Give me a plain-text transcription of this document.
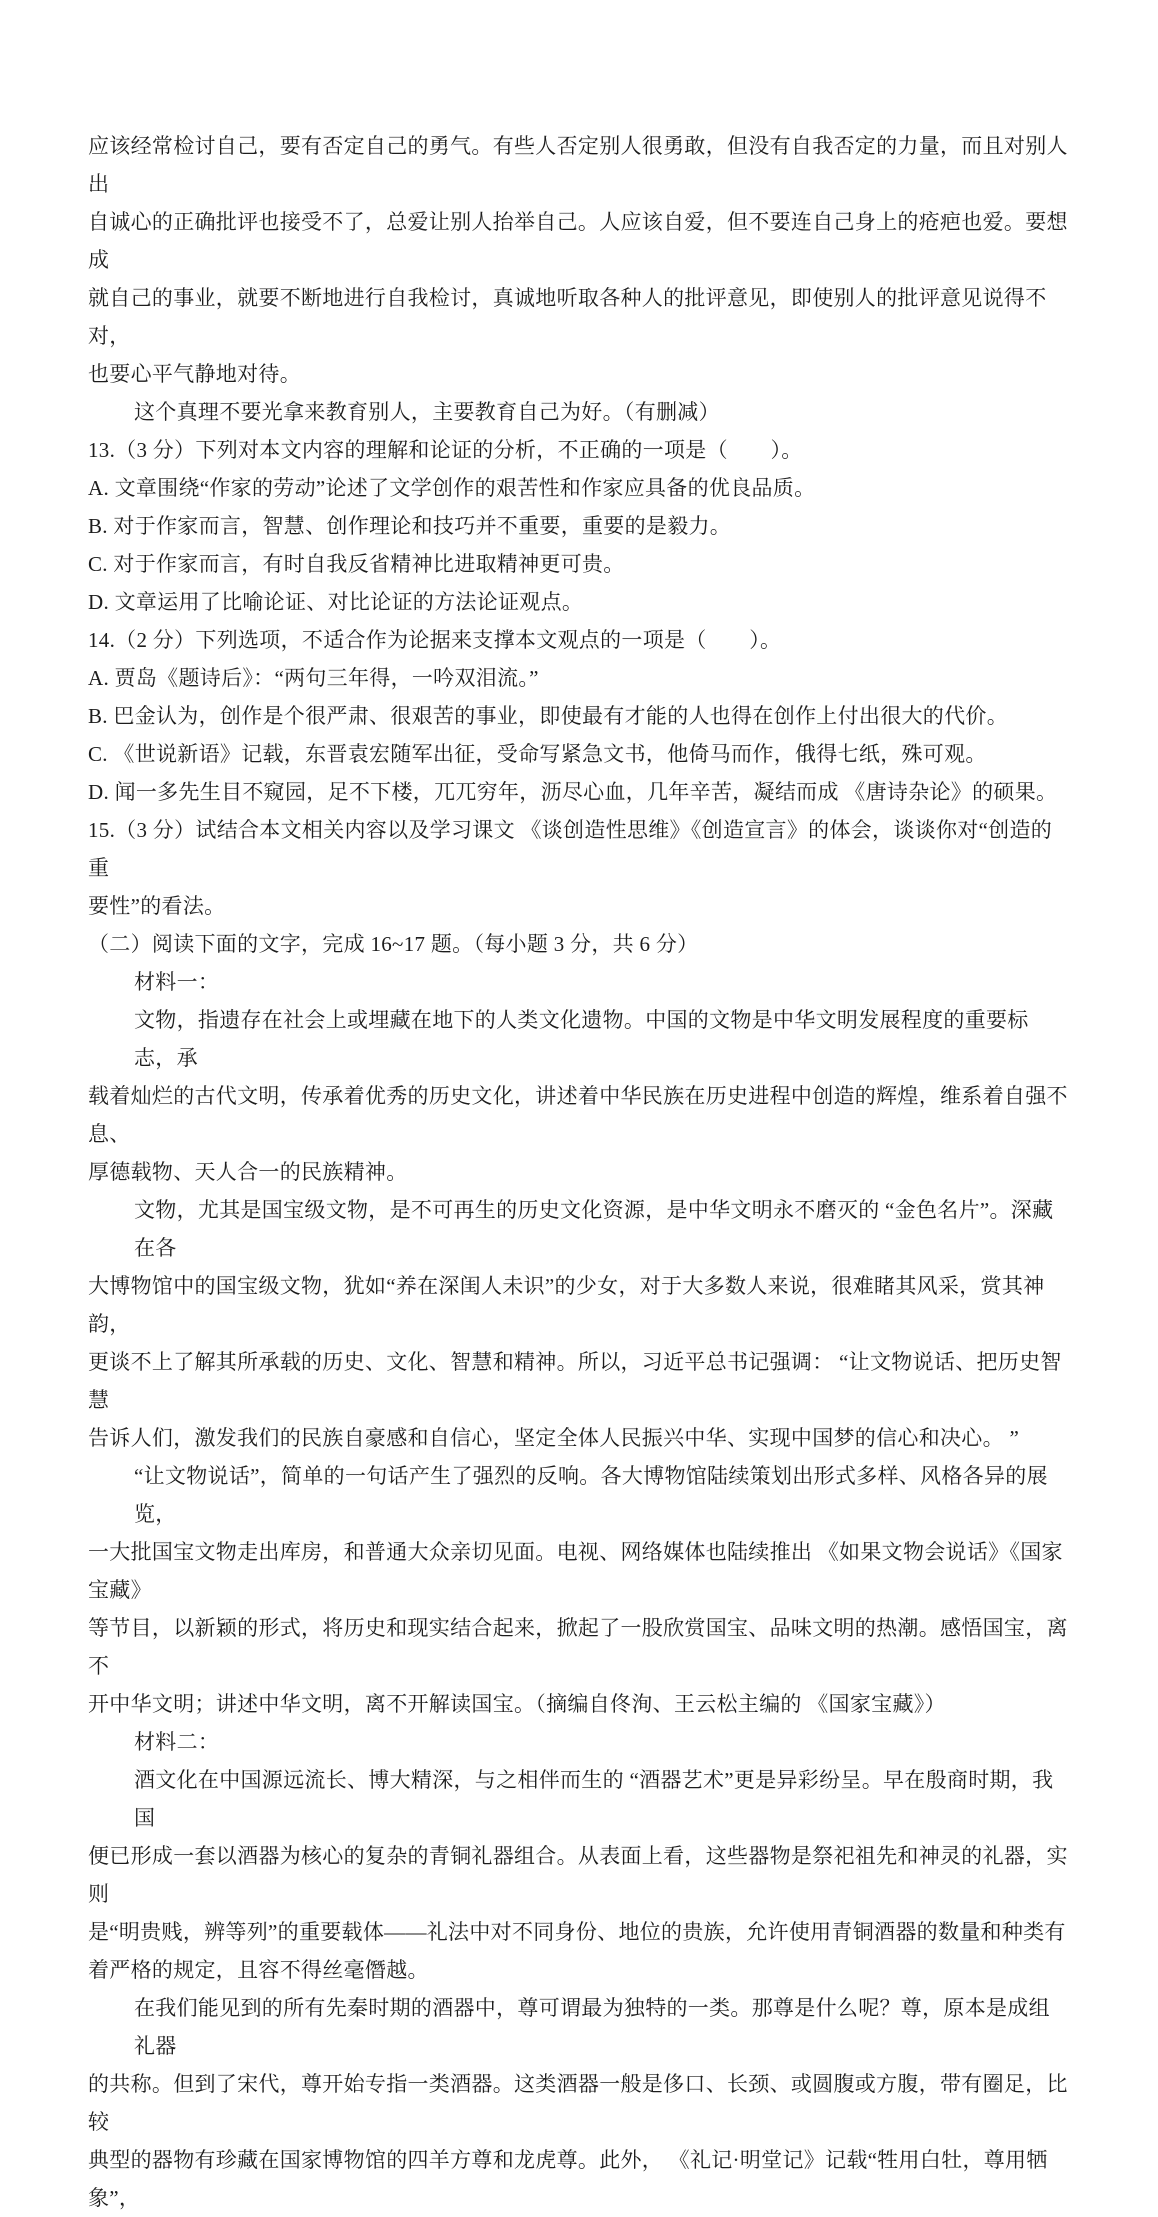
应该经常检讨自己，要有否定自己的勇气。有些人否定别人很勇敢，但没有自我否定的力量，而且对别人出
自诚心的正确批评也接受不了，总爱让别人抬举自己。人应该自爱，但不要连自己身上的疮疤也爱。要想成
就自己的事业，就要不断地进行自我检讨，真诚地听取各种人的批评意见，即使别人的批评意见说得不对，
也要心平气静地对待。
这个真理不要光拿来教育别人，主要教育自己为好。（有删减）
13.（3 分）下列对本文内容的理解和论证的分析，不正确的一项是（　　）。
A. 文章围绕“作家的劳动”论述了文学创作的艰苦性和作家应具备的优良品质。
B. 对于作家而言，智慧、创作理论和技巧并不重要，重要的是毅力。
C. 对于作家而言，有时自我反省精神比进取精神更可贵。
D. 文章运用了比喻论证、对比论证的方法论证观点。
14.（2 分）下列选项，不适合作为论据来支撑本文观点的一项是（　　）。
A. 贾岛《题诗后》：“两句三年得，一吟双泪流。”
B. 巴金认为，创作是个很严肃、很艰苦的事业，即使最有才能的人也得在创作上付出很大的代价。
C. 《世说新语》记载，东晋袁宏随军出征，受命写紧急文书，他倚马而作，俄得七纸，殊可观。
D. 闻一多先生目不窥园，足不下楼，兀兀穷年，沥尽心血，几年辛苦，凝结而成 《唐诗杂论》的硕果。
15.（3 分）试结合本文相关内容以及学习课文 《谈创造性思维》《创造宣言》的体会，谈谈你对“创造的重
要性”的看法。
（二）阅读下面的文字，完成 16~17 题。（每小题 3 分，共 6 分）
材料一：
文物，指遗存在社会上或埋藏在地下的人类文化遗物。中国的文物是中华文明发展程度的重要标志，承
载着灿烂的古代文明，传承着优秀的历史文化，讲述着中华民族在历史进程中创造的辉煌，维系着自强不息、
厚德载物、天人合一的民族精神。
文物，尤其是国宝级文物，是不可再生的历史文化资源，是中华文明永不磨灭的 “金色名片”。深藏在各
大博物馆中的国宝级文物，犹如“养在深闺人未识”的少女，对于大多数人来说，很难睹其风采，赏其神韵，
更谈不上了解其所承载的历史、文化、智慧和精神。所以，习近平总书记强调： “让文物说话、把历史智慧
告诉人们，激发我们的民族自豪感和自信心，坚定全体人民振兴中华、实现中国梦的信心和决心。 ”
“让文物说话”，简单的一句话产生了强烈的反响。各大博物馆陆续策划出形式多样、风格各异的展览，
一大批国宝文物走出库房，和普通大众亲切见面。电视、网络媒体也陆续推出 《如果文物会说话》《国家宝藏》
等节目，以新颖的形式，将历史和现实结合起来，掀起了一股欣赏国宝、品味文明的热潮。感悟国宝，离不
开中华文明；讲述中华文明，离不开解读国宝。（摘编自佟洵、王云松主编的 《国家宝藏》）
材料二：
酒文化在中国源远流长、博大精深，与之相伴而生的 “酒器艺术”更是异彩纷呈。早在殷商时期，我国
便已形成一套以酒器为核心的复杂的青铜礼器组合。从表面上看，这些器物是祭祀祖先和神灵的礼器，实则
是“明贵贱，辨等列”的重要载体——礼法中对不同身份、地位的贵族，允许使用青铜酒器的数量和种类有
着严格的规定，且容不得丝毫僭越。
在我们能见到的所有先秦时期的酒器中，尊可谓最为独特的一类。那尊是什么呢？尊，原本是成组礼器
的共称。但到了宋代，尊开始专指一类酒器。这类酒器一般是侈口、长颈、或圆腹或方腹，带有圈足，比较
典型的器物有珍藏在国家博物馆的四羊方尊和龙虎尊。此外， 《礼记·明堂记》记载“牲用白牡，尊用牺象”，
